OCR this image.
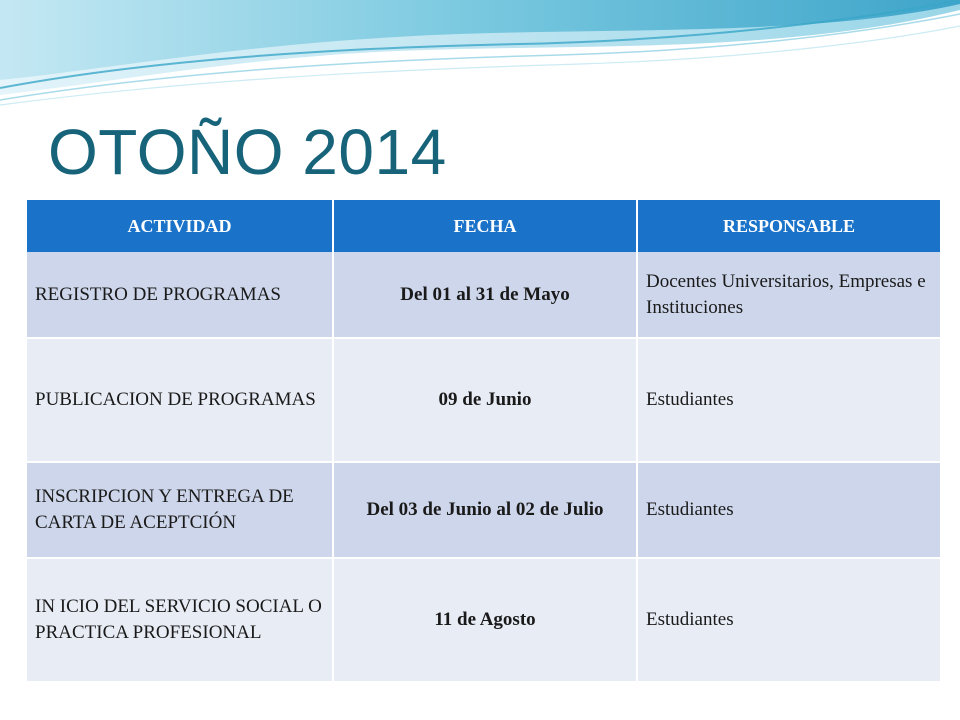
OTOÑO 2014
ACTIVIDAD	FECHA	RESPONSABLE
REGISTRO DE PROGRAMAS	Del 01 al 31 de Mayo	Docentes Universitarios, Empresas e Instituciones
PUBLICACION DE PROGRAMAS	09 de Junio	Estudiantes
INSCRIPCION Y ENTREGA DE CARTA DE ACEPTCIÓN	Del 03 de Junio al 02 de Julio	Estudiantes
IN ICIO DEL SERVICIO SOCIAL O PRACTICA PROFESIONAL	11 de Agosto	Estudiantes
